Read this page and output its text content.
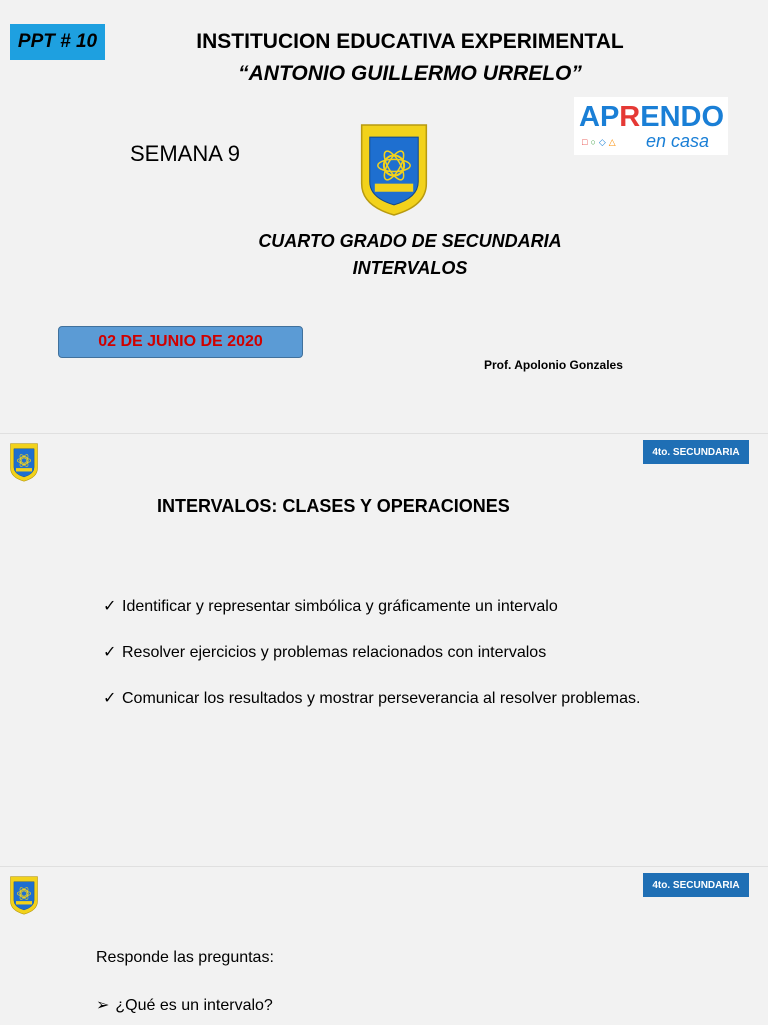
PPT # 10	INSTITUCION EDUCATIVA EXPERIMENTAL
“ANTONIO GUILLERMO URRELO”
APRENDO
□○◇△ en casa
SEMANA 9
CUARTO GRADO DE SECUNDARIA
INTERVALOS
02 DE JUNIO DE 2020
Prof. Apolonio Gonzales
4to. SECUNDARIA
INTERVALOS: CLASES Y OPERACIONES
✓ Identificar y representar simbólica y gráficamente un intervalo
✓ Resolver ejercicios y problemas relacionados con intervalos
✓ Comunicar los resultados y mostrar perseverancia al resolver problemas.
4to. SECUNDARIA
Responde las preguntas:
➢ ¿Qué es un intervalo?
